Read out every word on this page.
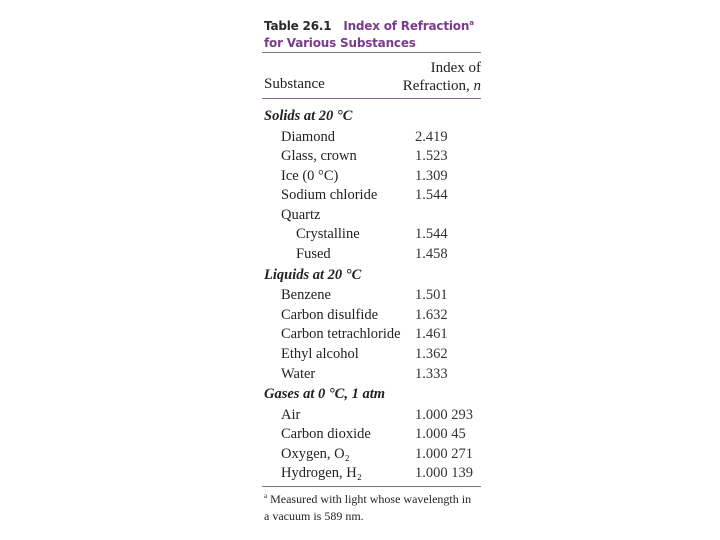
Table 26.1 Index of Refraction$^a$
for Various Substances
Substance
Index of
Refraction, n
Solids at 20 °C
Diamond	2.419
Glass, crown	1.523
Ice (0 °C)	1.309
Sodium chloride	1.544
Quartz
Crystalline	1.544
Fused	1.458
Liquids at 20 °C
Benzene	1.501
Carbon disulfide	1.632
Carbon tetrachloride 1.461
Ethyl alcohol	1.362
Water	1.333
Gases at 0 °C, 1 atm
Air	1.000 293
Carbon dioxide	1.000 45
Oxygen, O₂	1.000 271
Hydrogen, H₂	1.000 139
$^a$ Measured with light whose wavelength in
a vacuum is 589 nm.
